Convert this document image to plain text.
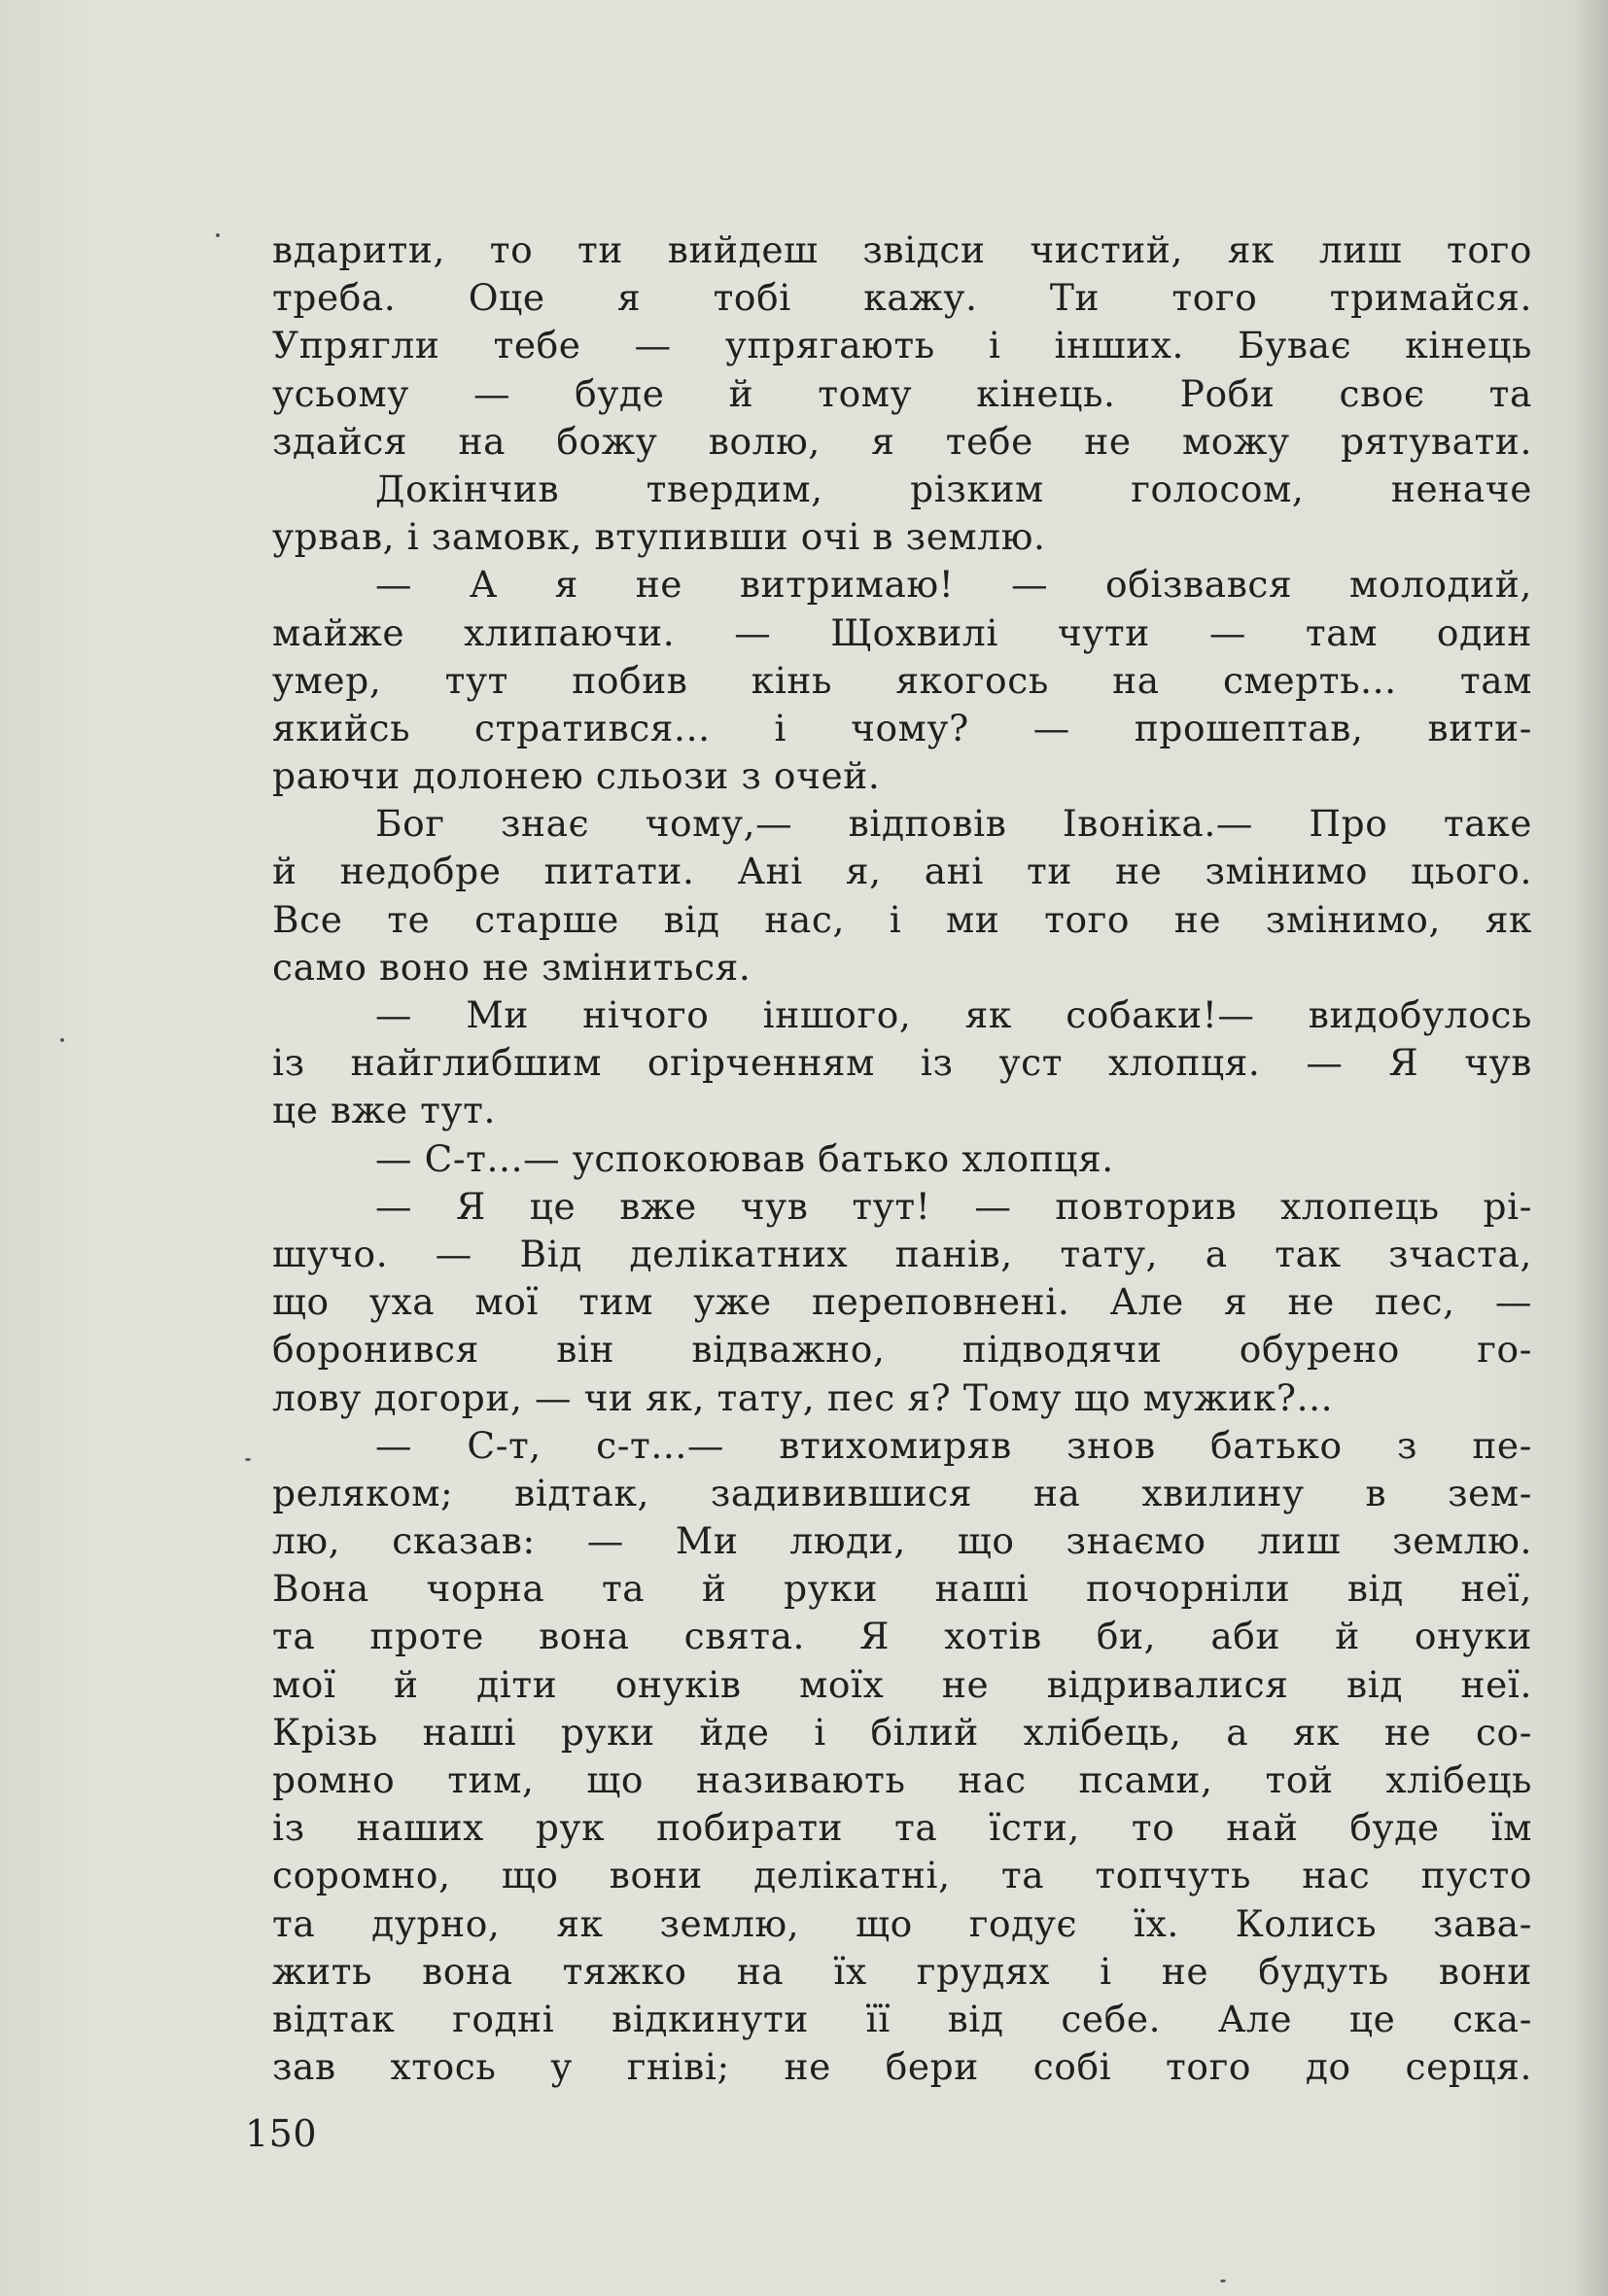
вдарити, то ти вийдеш звідси чистий, як лиш того
треба. Оце я тобі кажу. Ти того тримайся.
Упрягли тебе — упрягають і інших. Буває кінець
усьому — буде й тому кінець. Роби своє та
здайся на божу волю, я тебе не можу рятувати.
Докінчив твердим, різким голосом, неначе
урвав, і замовк, втупивши очі в землю.
— А я не витримаю! — обізвався молодий,
майже хлипаючи. — Щохвилі чути — там один
умер, тут побив кінь якогось на смерть... там
якийсь стратився... і чому? — прошептав, вити-
раючи долонею сльози з очей.
Бог знає чому,— відповів Івоніка.— Про таке
й недобре питати. Ані я, ані ти не змінимо цього.
Все те старше від нас, і ми того не змінимо, як
само воно не зміниться.
— Ми нічого іншого, як собаки!— видобулось
із найглибшим огірченням із уст хлопця. — Я чув
це вже тут.
— С-т...— успокоював батько хлопця.
— Я це вже чув тут! — повторив хлопець рі-
шучо. — Від делікатних панів, тату, а так зчаста,
що уха мої тим уже переповнені. Але я не пес, —
боронився він відважно, підводячи обурено го-
лову догори, — чи як, тату, пес я? Тому що мужик?...
— С-т, с-т...— втихомиряв знов батько з пе-
реляком; відтак, задивившися на хвилину в зем-
лю, сказав: — Ми люди, що знаємо лиш землю.
Вона чорна та й руки наші почорніли від неї,
та проте вона свята. Я хотів би, аби й онуки
мої й діти онуків моїх не відривалися від неї.
Крізь наші руки йде і білий хлібець, а як не со-
ромно тим, що називають нас псами, той хлібець
із наших рук побирати та їсти, то най буде їм
соромно, що вони делікатні, та топчуть нас пусто
та дурно, як землю, що годує їх. Колись зава-
жить вона тяжко на їх грудях і не будуть вони
відтак годні відкинути її від себе. Але це ска-
зав хтось у гніві; не бери собі того до серця.
150
